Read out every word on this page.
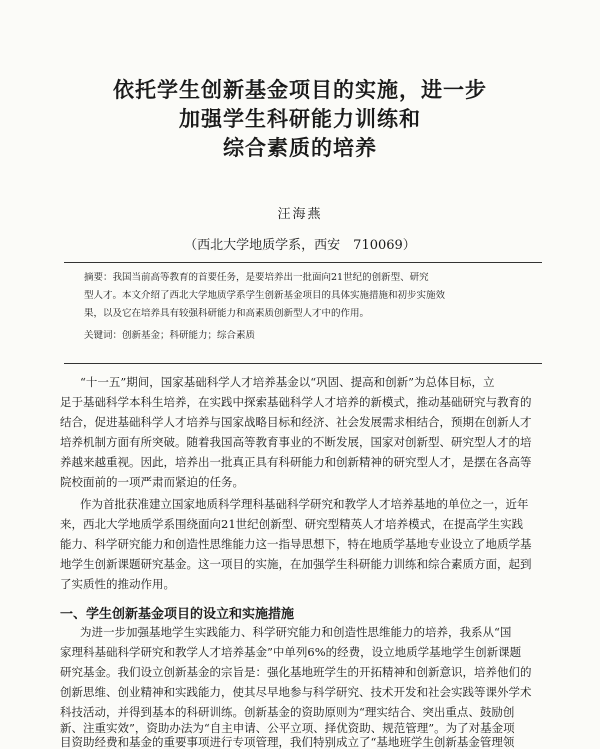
依托学生创新基金项目的实施，进一步
加强学生科研能力训练和
综合素质的培养
汪海燕
（西北大学地质学系，西安　710069）
摘要：我国当前高等教育的首要任务，是要培养出一批面向21世纪的创新型、研究
型人才。本文介绍了西北大学地质学系学生创新基金项目的具体实施措施和初步实施效
果，以及它在培养具有较强科研能力和高素质创新型人才中的作用。
关键词：创新基金；科研能力；综合素质
“十一五”期间，国家基础科学人才培养基金以“巩固、提高和创新”为总体目标，立
足于基础科学本科生培养，在实践中探索基础科学人才培养的新模式，推动基础研究与教育的
结合，促进基础科学人才培养与国家战略目标和经济、社会发展需求相结合，预期在创新人才
培养机制方面有所突破。随着我国高等教育事业的不断发展，国家对创新型、研究型人才的培
养越来越重视。因此，培养出一批真正具有科研能力和创新精神的研究型人才，是摆在各高等
院校面前的一项严肃而紧迫的任务。
作为首批获准建立国家地质科学理科基础科学研究和教学人才培养基地的单位之一，近年
来，西北大学地质学系围绕面向21世纪创新型、研究型精英人才培养模式，在提高学生实践
能力、科学研究能力和创造性思维能力这一指导思想下，特在地质学基地专业设立了地质学基
地学生创新课题研究基金。这一项目的实施，在加强学生科研能力训练和综合素质方面，起到
了实质性的推动作用。
一、学生创新基金项目的设立和实施措施
为进一步加强基地学生实践能力、科学研究能力和创造性思维能力的培养，我系从“国
家理科基础科学研究和教学人才培养基金”中单列6%的经费，设立地质学基地学生创新课题
研究基金。我们设立创新基金的宗旨是：强化基地班学生的开拓精神和创新意识，培养他们的
创新思维、创业精神和实践能力，使其尽早地参与科学研究、技术开发和社会实践等课外学术
科技活动，并得到基本的科研训练。创新基金的资助原则为“理实结合、突出重点、鼓励创
新、注重实效”，资助办法为“自主申请、公平立项、择优资助、规范管理”。为了对基金项
目资助经费和基金的重要事项进行专项管理，我们特别成立了“基地班学生创新基金管理领
